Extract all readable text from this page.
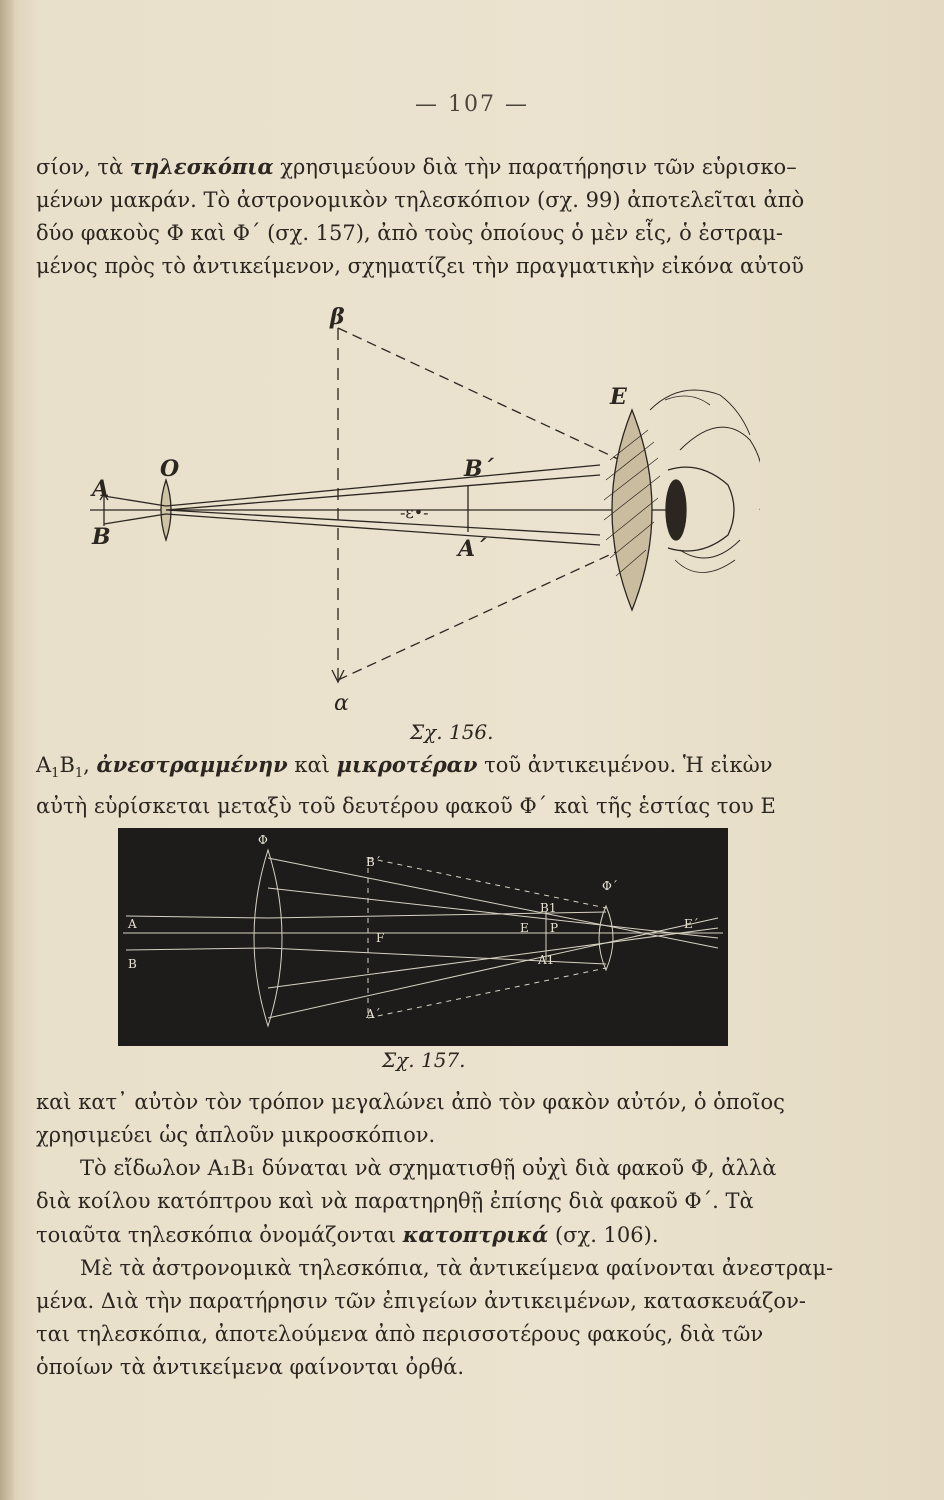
— 107 —

σίον, τὰ τηλεσκόπια χρησιμεύουν διὰ τὴν παρατήρησιν τῶν εὑρισκο–
μένων μακράν. Τὸ ἀστρονομικὸν τηλεσκόπιον (σχ. 99) ἀποτελεῖται ἀπὸ
δύο φακοὺς Φ καὶ Φ΄ (σχ. 157), ἀπὸ τοὺς ὁποίους ὁ μὲν εἷς, ὁ ἐστραμ-
μένος πρὸς τὸ ἀντικείμενον, σχηματίζει τὴν πραγματικὴν εἰκόνα αὐτοῦ

β
α
E
O
A
B
B΄
A΄
-ε•-
Σχ. 156.

$A_1B_1$, ἀνεστραμμένην καὶ μικροτέραν τοῦ ἀντικειμένου. Ἡ εἰκὼν
αὐτὴ εὑρίσκεται μεταξὺ τοῦ δευτέρου φακοῦ Φ΄ καὶ τῆς ἑστίας του E

Φ
Φ΄
B΄
A΄
A
B
F
E P
B1
A1
E΄
Σχ. 157.

καὶ κατ᾿ αὐτὸν τὸν τρόπον μεγαλώνει ἀπὸ τὸν φακὸν αὐτόν, ὁ ὁποῖος
χρησιμεύει ὡς ἁπλοῦν μικροσκόπιον.
Τὸ εἴδωλον A₁B₁ δύναται νὰ σχηματισθῇ οὐχὶ διὰ φακοῦ Φ, ἀλλὰ
διὰ κοίλου κατόπτρου καὶ νὰ παρατηρηθῇ ἐπίσης διὰ φακοῦ Φ΄. Τὰ
τοιαῦτα τηλεσκόπια ὀνομάζονται κατοπτρικά (σχ. 106).
Μὲ τὰ ἀστρονομικὰ τηλεσκόπια, τὰ ἀντικείμενα φαίνονται ἀνεστραμ-
μένα. Διὰ τὴν παρατήρησιν τῶν ἐπιγείων ἀντικειμένων, κατασκευάζον-
ται τηλεσκόπια, ἀποτελούμενα ἀπὸ περισσοτέρους φακούς, διὰ τῶν
ὁποίων τὰ ἀντικείμενα φαίνονται ὀρθά.
